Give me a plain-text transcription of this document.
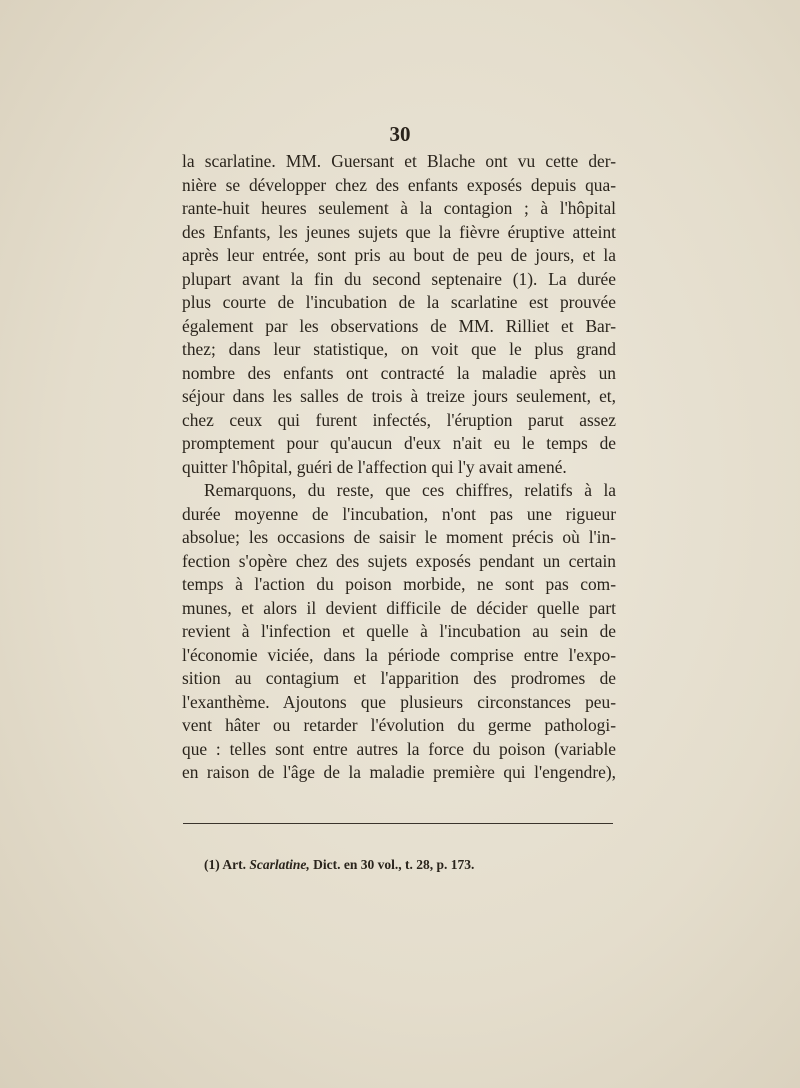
30
la scarlatine. MM. Guersant et Blache ont vu cette der-
nière se développer chez des enfants exposés depuis qua-
rante-huit heures seulement à la contagion ; à l'hôpital
des Enfants, les jeunes sujets que la fièvre éruptive atteint
après leur entrée, sont pris au bout de peu de jours, et la
plupart avant la fin du second septenaire (1). La durée
plus courte de l'incubation de la scarlatine est prouvée
également par les observations de MM. Rilliet et Bar-
thez; dans leur statistique, on voit que le plus grand
nombre des enfants ont contracté la maladie après un
séjour dans les salles de trois à treize jours seulement, et,
chez ceux qui furent infectés, l'éruption parut assez
promptement pour qu'aucun d'eux n'ait eu le temps de
quitter l'hôpital, guéri de l'affection qui l'y avait amené.
Remarquons, du reste, que ces chiffres, relatifs à la
durée moyenne de l'incubation, n'ont pas une rigueur
absolue; les occasions de saisir le moment précis où l'in-
fection s'opère chez des sujets exposés pendant un certain
temps à l'action du poison morbide, ne sont pas com-
munes, et alors il devient difficile de décider quelle part
revient à l'infection et quelle à l'incubation au sein de
l'économie viciée, dans la période comprise entre l'expo-
sition au contagium et l'apparition des prodromes de
l'exanthème. Ajoutons que plusieurs circonstances peu-
vent hâter ou retarder l'évolution du germe pathologi-
que : telles sont entre autres la force du poison (variable
en raison de l'âge de la maladie première qui l'engendre),
(1) Art. Scarlatine, Dict. en 30 vol., t. 28, p. 173.
